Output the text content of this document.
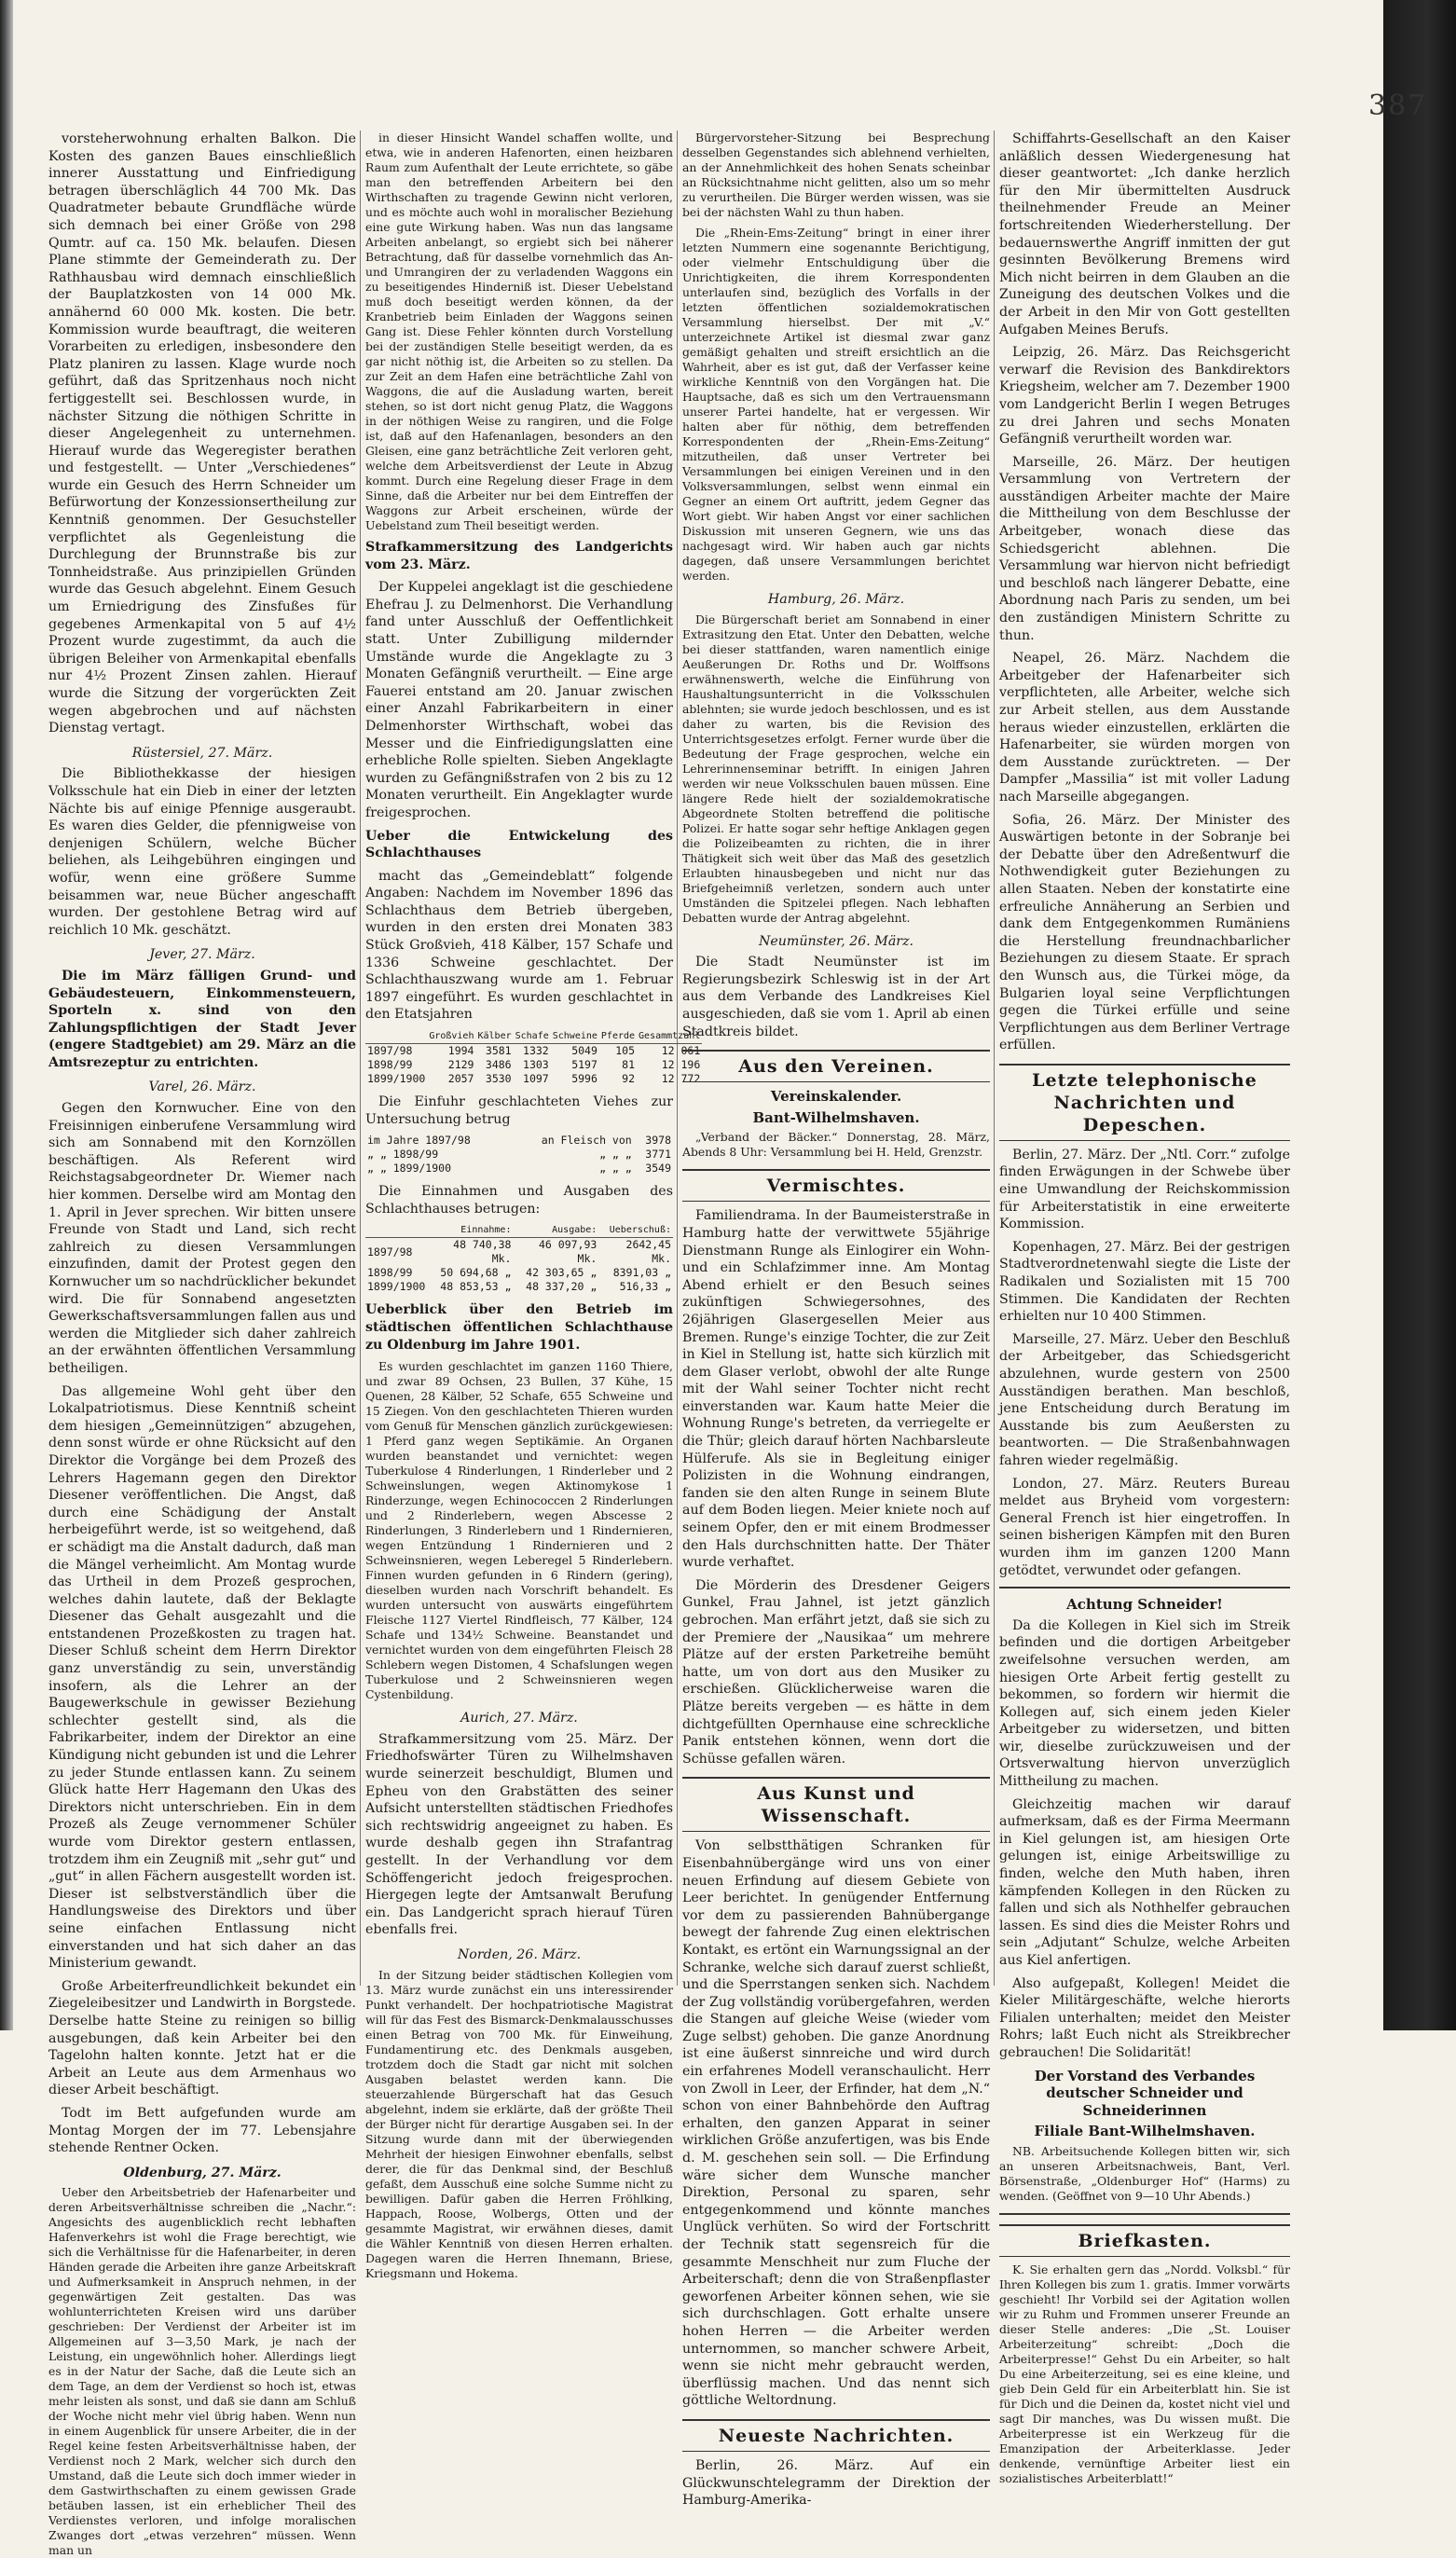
387

vorsteherwohnung erhalten Balkon. Die Kosten des ganzen Baues einschließlich innerer Ausstattung und Einfriedigung betragen überschläglich 44 700 Mk. Das Quadratmeter bebaute Grundfläche würde sich demnach bei einer Größe von 298 Qumtr. auf ca. 150 Mk. belaufen. Diesen Plane stimmte der Gemeinderath zu. Der Rathhausbau wird demnach einschließlich der Bauplatzkosten von 14 000 Mk. annähernd 60 000 Mk. kosten. Die betr. Kommission wurde beauftragt, die weiteren Vorarbeiten zu erledigen, insbesondere den Platz planiren zu lassen. Klage wurde noch geführt, daß das Spritzenhaus noch nicht fertiggestellt sei. Beschlossen wurde, in nächster Sitzung die nöthigen Schritte in dieser Angelegenheit zu unternehmen. Hierauf wurde das Wegeregister berathen und festgestellt. — Unter „Verschiedenes“ wurde ein Gesuch des Herrn Schneider um Befürwortung der Konzessionsertheilung zur Kenntniß genommen. Der Gesuchsteller verpflichtet als Gegenleistung die Durchlegung der Brunnstraße bis zur Tonnheidstraße. Aus prinzipiellen Gründen wurde das Gesuch abgelehnt. Einem Gesuch um Erniedrigung des Zinsfußes für gegebenes Armenkapital von 5 auf 4½ Prozent wurde zugestimmt, da auch die übrigen Beleiher von Armenkapital ebenfalls nur 4½ Prozent Zinsen zahlen. Hierauf wurde die Sitzung der vorgerückten Zeit wegen abgebrochen und auf nächsten Dienstag vertagt.

Rüstersiel, 27. März.

Die Bibliothekkasse der hiesigen Volksschule hat ein Dieb in einer der letzten Nächte bis auf einige Pfennige ausgeraubt. Es waren dies Gelder, die pfennigweise von denjenigen Schülern, welche Bücher beliehen, als Leihgebühren eingingen und wofür, wenn eine größere Summe beisammen war, neue Bücher angeschafft wurden. Der gestohlene Betrag wird auf reichlich 10 Mk. geschätzt.

Jever, 27. März.

Die im März fälligen Grund- und Gebäudesteuern, Einkommensteuern, Sporteln x. sind von den Zahlungspflichtigen der Stadt Jever (engere Stadtgebiet) am 29. März an die Amtsrezeptur zu entrichten.

Varel, 26. März.

Gegen den Kornwucher. Eine von den Freisinnigen einberufene Versammlung wird sich am Sonnabend mit den Kornzöllen beschäftigen. Als Referent wird Reichstagsabgeordneter Dr. Wiemer nach hier kommen. Derselbe wird am Montag den 1. April in Jever sprechen. Wir bitten unsere Freunde von Stadt und Land, sich recht zahlreich zu diesen Versammlungen einzufinden, damit der Protest gegen den Kornwucher um so nachdrücklicher bekundet wird. Die für Sonnabend angesetzten Gewerkschaftsversammlungen fallen aus und werden die Mitglieder sich daher zahlreich an der erwähnten öffentlichen Versammlung betheiligen.

Das allgemeine Wohl geht über den Lokalpatriotismus. Diese Kenntniß scheint dem hiesigen „Gemeinnützigen“ abzugehen, denn sonst würde er ohne Rücksicht auf den Direktor die Vorgänge bei dem Prozeß des Lehrers Hagemann gegen den Direktor Diesener veröffentlichen. Die Angst, daß durch eine Schädigung der Anstalt herbeigeführt werde, ist so weitgehend, daß er schädigt ma die Anstalt dadurch, daß man die Mängel verheimlicht. Am Montag wurde das Urtheil in dem Prozeß gesprochen, welches dahin lautete, daß der Beklagte Diesener das Gehalt ausgezahlt und die entstandenen Prozeßkosten zu tragen hat. Dieser Schluß scheint dem Herrn Direktor ganz unverständig zu sein, unverständig insofern, als die Lehrer an der Baugewerkschule in gewisser Beziehung schlechter gestellt sind, als die Fabrikarbeiter, indem der Direktor an eine Kündigung nicht gebunden ist und die Lehrer zu jeder Stunde entlassen kann. Zu seinem Glück hatte Herr Hagemann den Ukas des Direktors nicht unterschrieben. Ein in dem Prozeß als Zeuge vernommener Schüler wurde vom Direktor gestern entlassen, trotzdem ihm ein Zeugniß mit „sehr gut“ und „gut“ in allen Fächern ausgestellt worden ist. Dieser ist selbstverständlich über die Handlungsweise des Direktors und über seine einfachen Entlassung nicht einverstanden und hat sich daher an das Ministerium gewandt.

Große Arbeiterfreundlichkeit bekundet ein Ziegeleibesitzer und Landwirth in Borgstede. Derselbe hatte Steine zu reinigen so billig ausgebungen, daß kein Arbeiter bei den Tagelohn halten konnte. Jetzt hat er die Arbeit an Leute aus dem Armenhaus wo dieser Arbeit beschäftigt.

Todt im Bett aufgefunden wurde am Montag Morgen der im 77. Lebensjahre stehende Rentner Ocken.

Oldenburg, 27. März.

Ueber den Arbeitsbetrieb der Hafenarbeiter und deren Arbeitsverhältnisse schreiben die „Nachr.“: Angesichts des augenblicklich recht lebhaften Hafenverkehrs ist wohl die Frage berechtigt, wie sich die Verhältnisse für die Hafenarbeiter, in deren Händen gerade die Arbeiten ihre ganze Arbeitskraft und Aufmerksamkeit in Anspruch nehmen, in der gegenwärtigen Zeit gestalten. Das was wohlunterrichteten Kreisen wird uns darüber geschrieben: Der Verdienst der Arbeiter ist im Allgemeinen auf 3—3,50 Mark, je nach der Leistung, ein ungewöhnlich hoher. Allerdings liegt es in der Natur der Sache, daß die Leute sich an dem Tage, an dem der Verdienst so hoch ist, etwas mehr leisten als sonst, und daß sie dann am Schluß der Woche nicht mehr viel übrig haben. Wenn nun in einem Augenblick für unsere Arbeiter, die in der Regel keine festen Arbeitsverhältnisse haben, der Verdienst noch 2 Mark, welcher sich durch den Umstand, daß die Leute sich doch immer wieder in dem Gastwirthschaften zu einem gewissen Grade betäuben lassen, ist ein erheblicher Theil des Verdienstes verloren, und infolge moralischen Zwanges dort „etwas verzehren“ müssen. Wenn man un

in dieser Hinsicht Wandel schaffen wollte, und etwa, wie in anderen Hafenorten, einen heizbaren Raum zum Aufenthalt der Leute errichtete, so gäbe man den betreffenden Arbeitern bei den Wirthschaften zu tragende Gewinn nicht verloren, und es möchte auch wohl in moralischer Beziehung eine gute Wirkung haben. Was nun das langsame Arbeiten anbelangt, so ergiebt sich bei näherer Betrachtung, daß für dasselbe vornehmlich das An- und Umrangiren der zu verladenden Waggons ein zu beseitigendes Hinderniß ist. Dieser Uebelstand muß doch beseitigt werden können, da der Kranbetrieb beim Einladen der Waggons seinen Gang ist. Diese Fehler könnten durch Vorstellung bei der zuständigen Stelle beseitigt werden, da es gar nicht nöthig ist, die Arbeiten so zu stellen. Da zur Zeit an dem Hafen eine beträchtliche Zahl von Waggons, die auf die Ausladung warten, bereit stehen, so ist dort nicht genug Platz, die Waggons in der nöthigen Weise zu rangiren, und die Folge ist, daß auf den Hafenanlagen, besonders an den Gleisen, eine ganz beträchtliche Zeit verloren geht, welche dem Arbeitsverdienst der Leute in Abzug kommt. Durch eine Regelung dieser Frage in dem Sinne, daß die Arbeiter nur bei dem Eintreffen der Waggons zur Arbeit erscheinen, würde der Uebelstand zum Theil beseitigt werden.

Strafkammersitzung des Landgerichts vom 23. März.

Der Kuppelei angeklagt ist die geschiedene Ehefrau J. zu Delmenhorst. Die Verhandlung fand unter Ausschluß der Oeffentlichkeit statt. Unter Zubilligung mildernder Umstände wurde die Angeklagte zu 3 Monaten Gefängniß verurtheilt. — Eine arge Fauerei entstand am 20. Januar zwischen einer Anzahl Fabrikarbeitern in einer Delmenhorster Wirthschaft, wobei das Messer und die Einfriedigungslatten eine erhebliche Rolle spielten. Sieben Angeklagte wurden zu Gefängnißstrafen von 2 bis zu 12 Monaten verurtheilt. Ein Angeklagter wurde freigesprochen.

Ueber die Entwickelung des Schlachthauses

macht das „Gemeindeblatt“ folgende Angaben: Nachdem im November 1896 das Schlachthaus dem Betrieb übergeben, wurden in den ersten drei Monaten 383 Stück Großvieh, 418 Kälber, 157 Schafe und 1336 Schweine geschlachtet. Der Schlachthauszwang wurde am 1. Februar 1897 eingeführt. Es wurden geschlachtet in den Etatsjahren

	Großvieh	Kälber	Schafe	Schweine	Pferde	Gesammtzahl
1897/98	1994	3581	1332	5049	105	12 061
1898/99	2129	3486	1303	5197	81	12 196
1899/1900	2057	3530	1097	5996	92	12 772

Die Einfuhr geschlachteten Viehes zur Untersuchung betrug

im Jahre 1897/98	an Fleisch von	3978
„ „ 1898/99	„ „ „	3771
„ „ 1899/1900	„ „ „	3549

Die Einnahmen und Ausgaben des Schlachthauses betrugen:

	Einnahme:	Ausgabe:	Ueberschuß:
1897/98	48 740,38 Mk.	46 097,93 Mk.	2642,45 Mk.
1898/99	50 694,68 „	42 303,65 „	8391,03 „
1899/1900	48 853,53 „	48 337,20 „	516,33 „

Ueberblick über den Betrieb im städtischen öffentlichen Schlachthause zu Oldenburg im Jahre 1901.

Es wurden geschlachtet im ganzen 1160 Thiere, und zwar 89 Ochsen, 23 Bullen, 37 Kühe, 15 Quenen, 28 Kälber, 52 Schafe, 655 Schweine und 15 Ziegen. Von den geschlachteten Thieren wurden vom Genuß für Menschen gänzlich zurückgewiesen: 1 Pferd ganz wegen Septikämie. An Organen wurden beanstandet und vernichtet: wegen Tuberkulose 4 Rinderlungen, 1 Rinderleber und 2 Schweinslungen, wegen Aktinomykose 1 Rinderzunge, wegen Echinococcen 2 Rinderlungen und 2 Rinderlebern, wegen Abscesse 2 Rinderlungen, 3 Rinderlebern und 1 Rindernieren, wegen Entzündung 1 Rindernieren und 2 Schweinsnieren, wegen Leberegel 5 Rinderlebern. Finnen wurden gefunden in 6 Rindern (gering), dieselben wurden nach Vorschrift behandelt. Es wurden untersucht von auswärts eingeführtem Fleische 1127 Viertel Rindfleisch, 77 Kälber, 124 Schafe und 134½ Schweine. Beanstandet und vernichtet wurden von dem eingeführten Fleisch 28 Schlebern wegen Distomen, 4 Schafslungen wegen Tuberkulose und 2 Schweinsnieren wegen Cystenbildung.

Aurich, 27. März.

Strafkammersitzung vom 25. März. Der Friedhofswärter Türen zu Wilhelmshaven wurde seinerzeit beschuldigt, Blumen und Epheu von den Grabstätten des seiner Aufsicht unterstellten städtischen Friedhofes sich rechtswidrig angeeignet zu haben. Es wurde deshalb gegen ihn Strafantrag gestellt. In der Verhandlung vor dem Schöffengericht jedoch freigesprochen. Hiergegen legte der Amtsanwalt Berufung ein. Das Landgericht sprach hierauf Türen ebenfalls frei.

Norden, 26. März.

In der Sitzung beider städtischen Kollegien vom 13. März wurde zunächst ein uns interessirender Punkt verhandelt. Der hochpatriotische Magistrat will für das Fest des Bismarck-Denkmalausschusses einen Betrag von 700 Mk. für Einweihung, Fundamentirung etc. des Denkmals ausgeben, trotzdem doch die Stadt gar nicht mit solchen Ausgaben belastet werden kann. Die steuerzahlende Bürgerschaft hat das Gesuch abgelehnt, indem sie erklärte, daß der größte Theil der Bürger nicht für derartige Ausgaben sei. In der Sitzung wurde dann mit der überwiegenden Mehrheit der hiesigen Einwohner ebenfalls, selbst derer, die für das Denkmal sind, der Beschluß gefaßt, dem Ausschuß eine solche Summe nicht zu bewilligen. Dafür gaben die Herren Fröhlking, Happach, Roose, Wolbergs, Otten und der gesammte Magistrat, wir erwähnen dieses, damit die Wähler Kenntniß von diesen Herren erhalten. Dagegen waren die Herren Ihnemann, Briese, Kriegsmann und Hokema.

Bürgervorsteher-Sitzung bei Besprechung desselben Gegenstandes sich ablehnend verhielten, an der Annehmlichkeit des hohen Senats scheinbar an Rücksichtnahme nicht gelitten, also um so mehr zu verurtheilen. Die Bürger werden wissen, was sie bei der nächsten Wahl zu thun haben.

Die „Rhein-Ems-Zeitung“ bringt in einer ihrer letzten Nummern eine sogenannte Berichtigung, oder vielmehr Entschuldigung über die Unrichtigkeiten, die ihrem Korrespondenten unterlaufen sind, bezüglich des Vorfalls in der letzten öffentlichen sozialdemokratischen Versammlung hierselbst. Der mit „V.“ unterzeichnete Artikel ist diesmal zwar ganz gemäßigt gehalten und streift ersichtlich an die Wahrheit, aber es ist gut, daß der Verfasser keine wirkliche Kenntniß von den Vorgängen hat. Die Hauptsache, daß es sich um den Vertrauensmann unserer Partei handelte, hat er vergessen. Wir halten aber für nöthig, dem betreffenden Korrespondenten der „Rhein-Ems-Zeitung“ mitzutheilen, daß unser Vertreter bei Versammlungen bei einigen Vereinen und in den Volksversammlungen, selbst wenn einmal ein Gegner an einem Ort auftritt, jedem Gegner das Wort giebt. Wir haben Angst vor einer sachlichen Diskussion mit unseren Gegnern, wie uns das nachgesagt wird. Wir haben auch gar nichts dagegen, daß unsere Versammlungen berichtet werden.

Hamburg, 26. März.

Die Bürgerschaft beriet am Sonnabend in einer Extrasitzung den Etat. Unter den Debatten, welche bei dieser stattfanden, waren namentlich einige Aeußerungen Dr. Roths und Dr. Wolffsons erwähnenswerth, welche die Einführung von Haushaltungsunterricht in die Volksschulen ablehnten; sie wurde jedoch beschlossen, und es ist daher zu warten, bis die Revision des Unterrichtsgesetzes erfolgt. Ferner wurde über die Bedeutung der Frage gesprochen, welche ein Lehrerinnenseminar betrifft. In einigen Jahren werden wir neue Volksschulen bauen müssen. Eine längere Rede hielt der sozialdemokratische Abgeordnete Stolten betreffend die politische Polizei. Er hatte sogar sehr heftige Anklagen gegen die Polizeibeamten zu richten, die in ihrer Thätigkeit sich weit über das Maß des gesetzlich Erlaubten hinausbegeben und nicht nur das Briefgeheimniß verletzen, sondern auch unter Umständen die Spitzelei pflegen. Nach lebhaften Debatten wurde der Antrag abgelehnt.

Neumünster, 26. März.

Die Stadt Neumünster ist im Regierungsbezirk Schleswig ist in der Art aus dem Verbande des Landkreises Kiel ausgeschieden, daß sie vom 1. April ab einen Stadtkreis bildet.

Aus den Vereinen.
Vereinskalender.
Bant-Wilhelmshaven.

„Verband der Bäcker.“ Donnerstag, 28. März, Abends 8 Uhr: Versammlung bei H. Held, Grenzstr.

Vermischtes.

Familiendrama. In der Baumeisterstraße in Hamburg hatte der verwittwete 55jährige Dienstmann Runge als Einlogirer ein Wohn- und ein Schlafzimmer inne. Am Montag Abend erhielt er den Besuch seines zukünftigen Schwiegersohnes, des 26jährigen Glasergesellen Meier aus Bremen. Runge's einzige Tochter, die zur Zeit in Kiel in Stellung ist, hatte sich kürzlich mit dem Glaser verlobt, obwohl der alte Runge mit der Wahl seiner Tochter nicht recht einverstanden war. Kaum hatte Meier die Wohnung Runge's betreten, da verriegelte er die Thür; gleich darauf hörten Nachbarsleute Hülferufe. Als sie in Begleitung einiger Polizisten in die Wohnung eindrangen, fanden sie den alten Runge in seinem Blute auf dem Boden liegen. Meier kniete noch auf seinem Opfer, den er mit einem Brodmesser den Hals durchschnitten hatte. Der Thäter wurde verhaftet.

Die Mörderin des Dresdener Geigers Gunkel, Frau Jahnel, ist jetzt gänzlich gebrochen. Man erfährt jetzt, daß sie sich zu der Premiere der „Nausikaa“ um mehrere Plätze auf der ersten Parketreihe bemüht hatte, um von dort aus den Musiker zu erschießen. Glücklicherweise waren die Plätze bereits vergeben — es hätte in dem dichtgefüllten Opernhause eine schreckliche Panik entstehen können, wenn dort die Schüsse gefallen wären.

Aus Kunst und Wissenschaft.

Von selbstthätigen Schranken für Eisenbahnübergänge wird uns von einer neuen Erfindung auf diesem Gebiete von Leer berichtet. In genügender Entfernung vor dem zu passierenden Bahnübergange bewegt der fahrende Zug einen elektrischen Kontakt, es ertönt ein Warnungssignal an der Schranke, welche sich darauf zuerst schließt, und die Sperrstangen senken sich. Nachdem der Zug vollständig vorübergefahren, werden die Stangen auf gleiche Weise (wieder vom Zuge selbst) gehoben. Die ganze Anordnung ist eine äußerst sinnreiche und wird durch ein erfahrenes Modell veranschaulicht. Herr von Zwoll in Leer, der Erfinder, hat dem „N.“ schon von einer Bahnbehörde den Auftrag erhalten, den ganzen Apparat in seiner wirklichen Größe anzufertigen, was bis Ende d. M. geschehen sein soll. — Die Erfindung wäre sicher dem Wunsche mancher Direktion, Personal zu sparen, sehr entgegenkommend und könnte manches Unglück verhüten. So wird der Fortschritt der Technik statt segensreich für die gesammte Menschheit nur zum Fluche der Arbeiterschaft; denn die von Straßenpflaster geworfenen Arbeiter können sehen, wie sie sich durchschlagen. Gott erhalte unsere hohen Herren — die Arbeiter werden unternommen, so mancher schwere Arbeit, wenn sie nicht mehr gebraucht werden, überflüssig machen. Und das nennt sich göttliche Weltordnung.

Neueste Nachrichten.

Berlin, 26. März. Auf ein Glückwunschtelegramm der Direktion der Hamburg-Amerika-

Schiffahrts-Gesellschaft an den Kaiser anläßlich dessen Wiedergenesung hat dieser geantwortet: „Ich danke herzlich für den Mir übermittelten Ausdruck theilnehmender Freude an Meiner fortschreitenden Wiederherstellung. Der bedauernswerthe Angriff inmitten der gut gesinnten Bevölkerung Bremens wird Mich nicht beirren in dem Glauben an die Zuneigung des deutschen Volkes und die der Arbeit in den Mir von Gott gestellten Aufgaben Meines Berufs.

Leipzig, 26. März. Das Reichsgericht verwarf die Revision des Bankdirektors Kriegsheim, welcher am 7. Dezember 1900 vom Landgericht Berlin I wegen Betruges zu drei Jahren und sechs Monaten Gefängniß verurtheilt worden war.

Marseille, 26. März. Der heutigen Versammlung von Vertretern der ausständigen Arbeiter machte der Maire die Mittheilung von dem Beschlusse der Arbeitgeber, wonach diese das Schiedsgericht ablehnen. Die Versammlung war hiervon nicht befriedigt und beschloß nach längerer Debatte, eine Abordnung nach Paris zu senden, um bei den zuständigen Ministern Schritte zu thun.

Neapel, 26. März. Nachdem die Arbeitgeber der Hafenarbeiter sich verpflichteten, alle Arbeiter, welche sich zur Arbeit stellen, aus dem Ausstande heraus wieder einzustellen, erklärten die Hafenarbeiter, sie würden morgen von dem Ausstande zurücktreten. — Der Dampfer „Massilia“ ist mit voller Ladung nach Marseille abgegangen.

Sofia, 26. März. Der Minister des Auswärtigen betonte in der Sobranje bei der Debatte über den Adreßentwurf die Nothwendigkeit guter Beziehungen zu allen Staaten. Neben der konstatirte eine erfreuliche Annäherung an Serbien und dank dem Entgegenkommen Rumäniens die Herstellung freundnachbarlicher Beziehungen zu diesem Staate. Er sprach den Wunsch aus, die Türkei möge, da Bulgarien loyal seine Verpflichtungen gegen die Türkei erfülle und seine Verpflichtungen aus dem Berliner Vertrage erfüllen.

Letzte telephonische Nachrichten und Depeschen.

Berlin, 27. März. Der „Ntl. Corr.“ zufolge finden Erwägungen in der Schwebe über eine Umwandlung der Reichskommission für Arbeiterstatistik in eine erweiterte Kommission.

Kopenhagen, 27. März. Bei der gestrigen Stadtverordnetenwahl siegte die Liste der Radikalen und Sozialisten mit 15 700 Stimmen. Die Kandidaten der Rechten erhielten nur 10 400 Stimmen.

Marseille, 27. März. Ueber den Beschluß der Arbeitgeber, das Schiedsgericht abzulehnen, wurde gestern von 2500 Ausständigen berathen. Man beschloß, jene Entscheidung durch Beratung im Ausstande bis zum Aeußersten zu beantworten. — Die Straßenbahnwagen fahren wieder regelmäßig.

London, 27. März. Reuters Bureau meldet aus Bryheid vom vorgestern: General French ist hier eingetroffen. In seinen bisherigen Kämpfen mit den Buren wurden ihm im ganzen 1200 Mann getödtet, verwundet oder gefangen.

Achtung Schneider!

Da die Kollegen in Kiel sich im Streik befinden und die dortigen Arbeitgeber zweifelsohne versuchen werden, am hiesigen Orte Arbeit fertig gestellt zu bekommen, so fordern wir hiermit die Kollegen auf, sich einem jeden Kieler Arbeitgeber zu widersetzen, und bitten wir, dieselbe zurückzuweisen und der Ortsverwaltung hiervon unverzüglich Mittheilung zu machen.

Gleichzeitig machen wir darauf aufmerksam, daß es der Firma Meermann in Kiel gelungen ist, am hiesigen Orte gelungen ist, einige Arbeitswillige zu finden, welche den Muth haben, ihren kämpfenden Kollegen in den Rücken zu fallen und sich als Nothhelfer gebrauchen lassen. Es sind dies die Meister Rohrs und sein „Adjutant“ Schulze, welche Arbeiten aus Kiel anfertigen.

Also aufgepaßt, Kollegen! Meidet die Kieler Militärgeschäfte, welche hierorts Filialen unterhalten; meidet den Meister Rohrs; laßt Euch nicht als Streikbrecher gebrauchen! Die Solidarität!

Der Vorstand des Verbandes deutscher Schneider und Schneiderinnen
Filiale Bant-Wilhelmshaven.

NB. Arbeitsuchende Kollegen bitten wir, sich an unseren Arbeitsnachweis, Bant, Verl. Börsenstraße, „Oldenburger Hof“ (Harms) zu wenden. (Geöffnet von 9—10 Uhr Abends.)

Briefkasten.

K. Sie erhalten gern das „Nordd. Volksbl.“ für Ihren Kollegen bis zum 1. gratis. Immer vorwärts geschieht! Ihr Vorbild sei der Agitation wollen wir zu Ruhm und Frommen unserer Freunde an dieser Stelle anderes: „Die „St. Louiser Arbeiterzeitung“ schreibt: „Doch die Arbeiterpresse!“ Gehst Du ein Arbeiter, so halt Du eine Arbeiterzeitung, sei es eine kleine, und gieb Dein Geld für ein Arbeiterblatt hin. Sie ist für Dich und die Deinen da, kostet nicht viel und sagt Dir manches, was Du wissen mußt. Die Arbeiterpresse ist ein Werkzeug für die Emanzipation der Arbeiterklasse. Jeder denkende, vernünftige Arbeiter liest ein sozialistisches Arbeiterblatt!“
